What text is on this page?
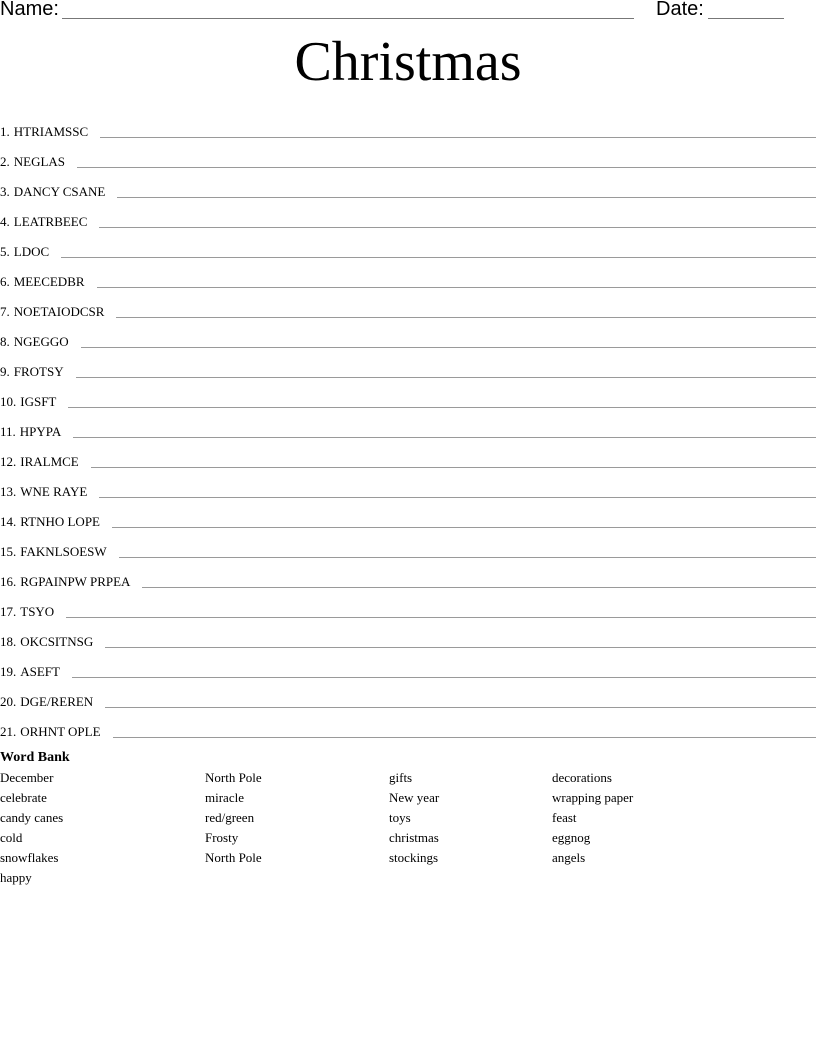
Name:	Date:
Christmas
1. HTRIAMSSC
2. NEGLAS
3. DANCY CSANE
4. LEATRBEEC
5. LDOC
6. MEECEDBR
7. NOETAIODCSR
8. NGEGGO
9. FROTSY
10. IGSFT
11. HPYPA
12. IRALMCE
13. WNE RAYE
14. RTNHO LOPE
15. FAKNLSOESW
16. RGPAINPW PRPEA
17. TSYO
18. OKCSITNSG
19. ASEFT
20. DGE/REREN
21. ORHNT OPLE
Word Bank
December
celebrate
candy canes
cold
snowflakes
happy
North Pole
miracle
red/green
Frosty
North Pole
gifts
New year
toys
christmas
stockings
decorations
wrapping paper
feast
eggnog
angels
